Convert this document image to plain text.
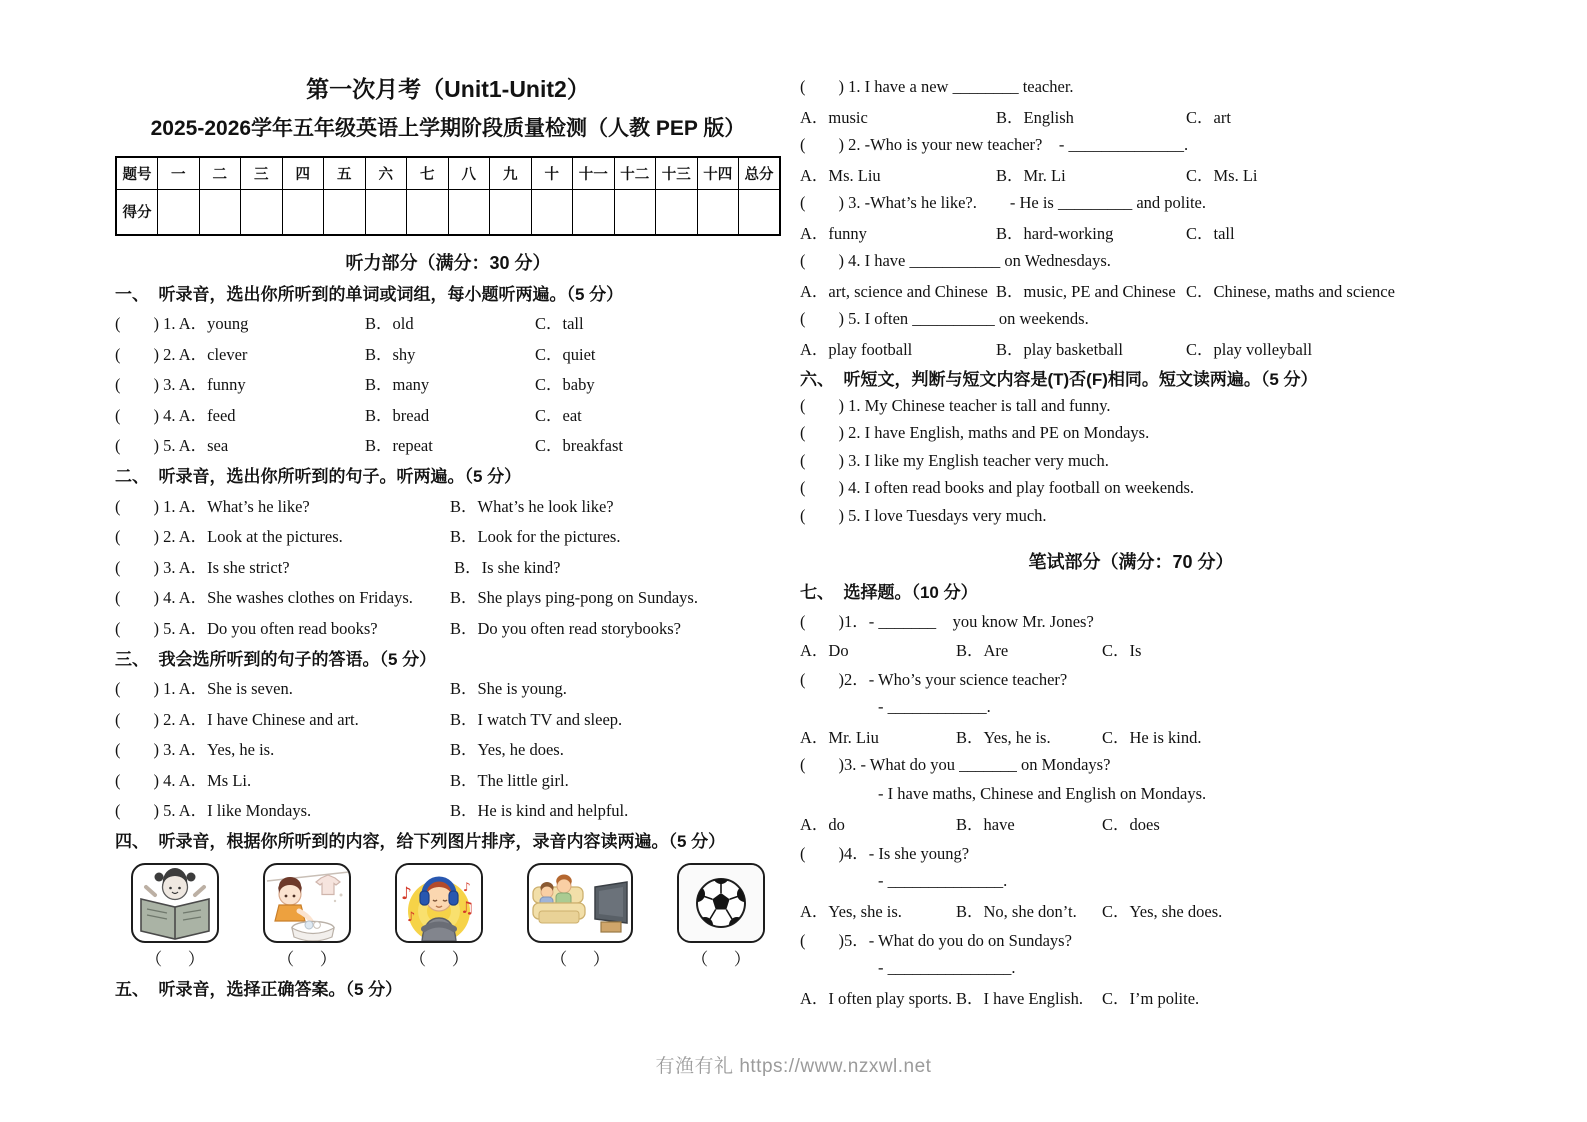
第一次月考（Unit1-Unit2）
2025-2026学年五年级英语上学期阶段质量检测（人教 PEP 版）
题号	一	二	三	四	五	六	七	八	九	十	十一	十二	十三	十四	总分
得分															
听力部分（满分：30 分）
一、  听录音，选出你所听到的单词或词组，每小题听两遍。（5 分）
(        ) 1. A．young	B．old	C．tall
(        ) 2. A．clever	B．shy	C．quiet
(        ) 3. A．funny	B．many	C．baby
(        ) 4. A．feed	B．bread	C．eat
(        ) 5. A．sea	B．repeat	C．breakfast
二、  听录音，选出你所听到的句子。听两遍。（5 分）
(        ) 1. A．What’s he like?	B．What’s he look like?
(        ) 2. A．Look at the pictures.	B．Look for the pictures.
(        ) 3. A．Is she strict?	B．Is she kind?
(        ) 4. A．She washes clothes on Fridays.	B．She plays ping-pong on Sundays.
(        ) 5. A．Do you often read books?	B．Do you often read storybooks?
三、  我会选所听到的句子的答语。（5 分）
(        ) 1. A．She is seven.	B．She is young.
(        ) 2. A．I have Chinese and art.	B．I watch TV and sleep.
(        ) 3. A．Yes, he is.	B．Yes, he does.
(        ) 4. A．Ms Li.	B．The little girl.
(        ) 5. A．I like Mondays.	B．He is kind and helpful.
四、  听录音，根据你所听到的内容，给下列图片排序，录音内容读两遍。（5 分）
♪
♪
♫
♪
（      ）	（      ）	（      ）	（      ）	（      ）
五、  听录音，选择正确答案。（5 分）
(        ) 1. I have a new ________ teacher.
A．music	B．English	C．art
(        ) 2. -Who is your new teacher?    - ______________.
A．Ms. Liu	B．Mr. Li	C．Ms. Li
(        ) 3. -What’s he like?.        - He is _________ and polite.
A．funny	B．hard-working	C．tall
(        ) 4. I have ___________ on Wednesdays.
A．art, science and Chinese B．music, PE and Chinese C．Chinese, maths and science
(        ) 5. I often __________ on weekends.
A．play football	B．play basketball	C．play volleyball
六、  听短文，判断与短文内容是(T)否(F)相同。短文读两遍。（5 分）
(        ) 1. My Chinese teacher is tall and funny.
(        ) 2. I have English, maths and PE on Mondays.
(        ) 3. I like my English teacher very much.
(        ) 4. I often read books and play football on weekends.
(        ) 5. I love Tuesdays very much.
笔试部分（满分：70 分）
七、  选择题。（10 分）
(        )1．- _______    you know Mr. Jones?
A．Do	B．Are	C．Is
(        )2．- Who’s your science teacher?
- ____________.
A．Mr. Liu	B．Yes, he is.	C．He is kind.
(        )3. - What do you _______ on Mondays?
- I have maths, Chinese and English on Mondays.
A．do	B．have	C．does
(        )4．- Is she young?
- ______________.
A．Yes, she is.	B．No, she don’t.	C．Yes, she does.
(        )5．- What do you do on Sundays?
- _______________.
A．I often play sports. B．I have English.	C．I’m polite.
有渔有礼 https://www.nzxwl.net
